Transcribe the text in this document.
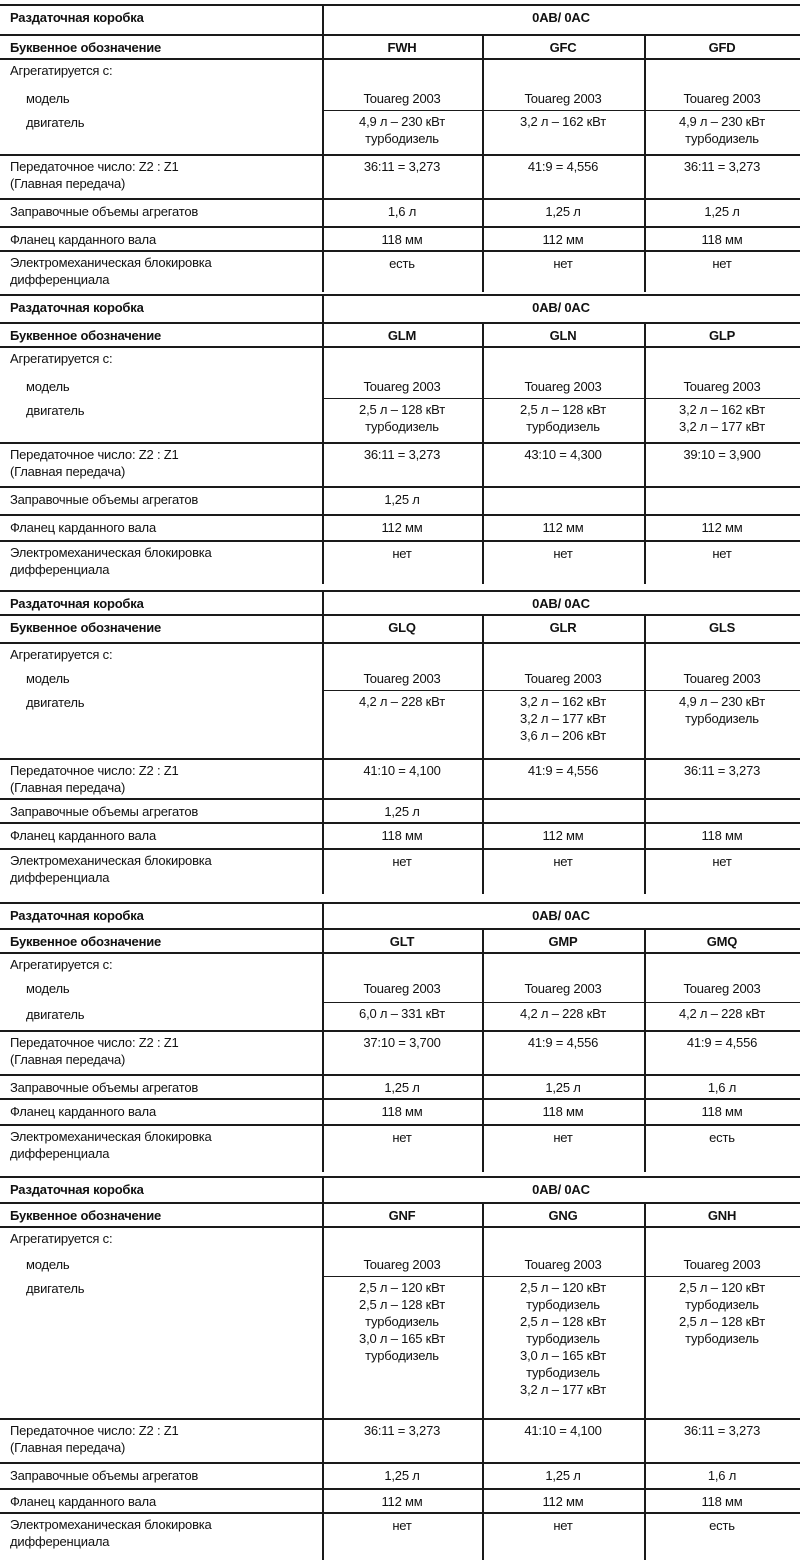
Раздаточная коробка
Буквенное обозначение
Агрегатируется с:
модель
двигатель
Передаточное число: Z2 : Z1
(Главная передача)
Заправочные объемы агрегатов
Фланец карданного вала
Электромеханическая блокировка
дифференциала
0AB/ 0AC
FWH
Touareg 2003
4,9 л – 230 кВт
турбодизель
36:11 = 3,273
1,6 л
118 мм
есть
GFC
Touareg 2003
3,2 л – 162 кВт
41:9 = 4,556
1,25 л
112 мм
нет
GFD
Touareg 2003
4,9 л – 230 кВт
турбодизель
36:11 = 3,273
1,25 л
118 мм
нет
Раздаточная коробка
Буквенное обозначение
Агрегатируется с:
модель
двигатель
Передаточное число: Z2 : Z1
(Главная передача)
Заправочные объемы агрегатов
Фланец карданного вала
Электромеханическая блокировка
дифференциала
0AB/ 0AC
GLM
Touareg 2003
2,5 л – 128 кВт
турбодизель
36:11 = 3,273
1,25 л
112 мм
нет
GLN
Touareg 2003
2,5 л – 128 кВт
турбодизель
43:10 = 4,300
112 мм
нет
GLP
Touareg 2003
3,2 л – 162 кВт
3,2 л – 177 кВт
39:10 = 3,900
112 мм
нет
Раздаточная коробка
Буквенное обозначение
Агрегатируется с:
модель
двигатель
Передаточное число: Z2 : Z1
(Главная передача)
Заправочные объемы агрегатов
Фланец карданного вала
Электромеханическая блокировка
дифференциала
0AB/ 0AC
GLQ
Touareg 2003
4,2 л – 228 кВт
41:10 = 4,100
1,25 л
118 мм
нет
GLR
Touareg 2003
3,2 л – 162 кВт
3,2 л – 177 кВт
3,6 л – 206 кВт
41:9 = 4,556
112 мм
нет
GLS
Touareg 2003
4,9 л – 230 кВт
турбодизель
36:11 = 3,273
118 мм
нет
Раздаточная коробка
Буквенное обозначение
Агрегатируется с:
модель
двигатель
Передаточное число: Z2 : Z1
(Главная передача)
Заправочные объемы агрегатов
Фланец карданного вала
Электромеханическая блокировка
дифференциала
0AB/ 0AC
GLT
Touareg 2003
6,0 л – 331 кВт
37:10 = 3,700
1,25 л
118 мм
нет
GMP
Touareg 2003
4,2 л – 228 кВт
41:9 = 4,556
1,25 л
118 мм
нет
GMQ
Touareg 2003
4,2 л – 228 кВт
41:9 = 4,556
1,6 л
118 мм
есть
Раздаточная коробка
Буквенное обозначение
Агрегатируется с:
модель
двигатель
Передаточное число: Z2 : Z1
(Главная передача)
Заправочные объемы агрегатов
Фланец карданного вала
Электромеханическая блокировка
дифференциала
0AB/ 0AC
GNF
Touareg 2003
2,5 л – 120 кВт
2,5 л – 128 кВт
турбодизель
3,0 л – 165 кВт
турбодизель
36:11 = 3,273
1,25 л
112 мм
нет
GNG
Touareg 2003
2,5 л – 120 кВт
турбодизель
2,5 л – 128 кВт
турбодизель
3,0 л – 165 кВт
турбодизель
3,2 л – 177 кВт
41:10 = 4,100
1,25 л
112 мм
нет
GNH
Touareg 2003
2,5 л – 120 кВт
турбодизель
2,5 л – 128 кВт
турбодизель
36:11 = 3,273
1,6 л
118 мм
есть
